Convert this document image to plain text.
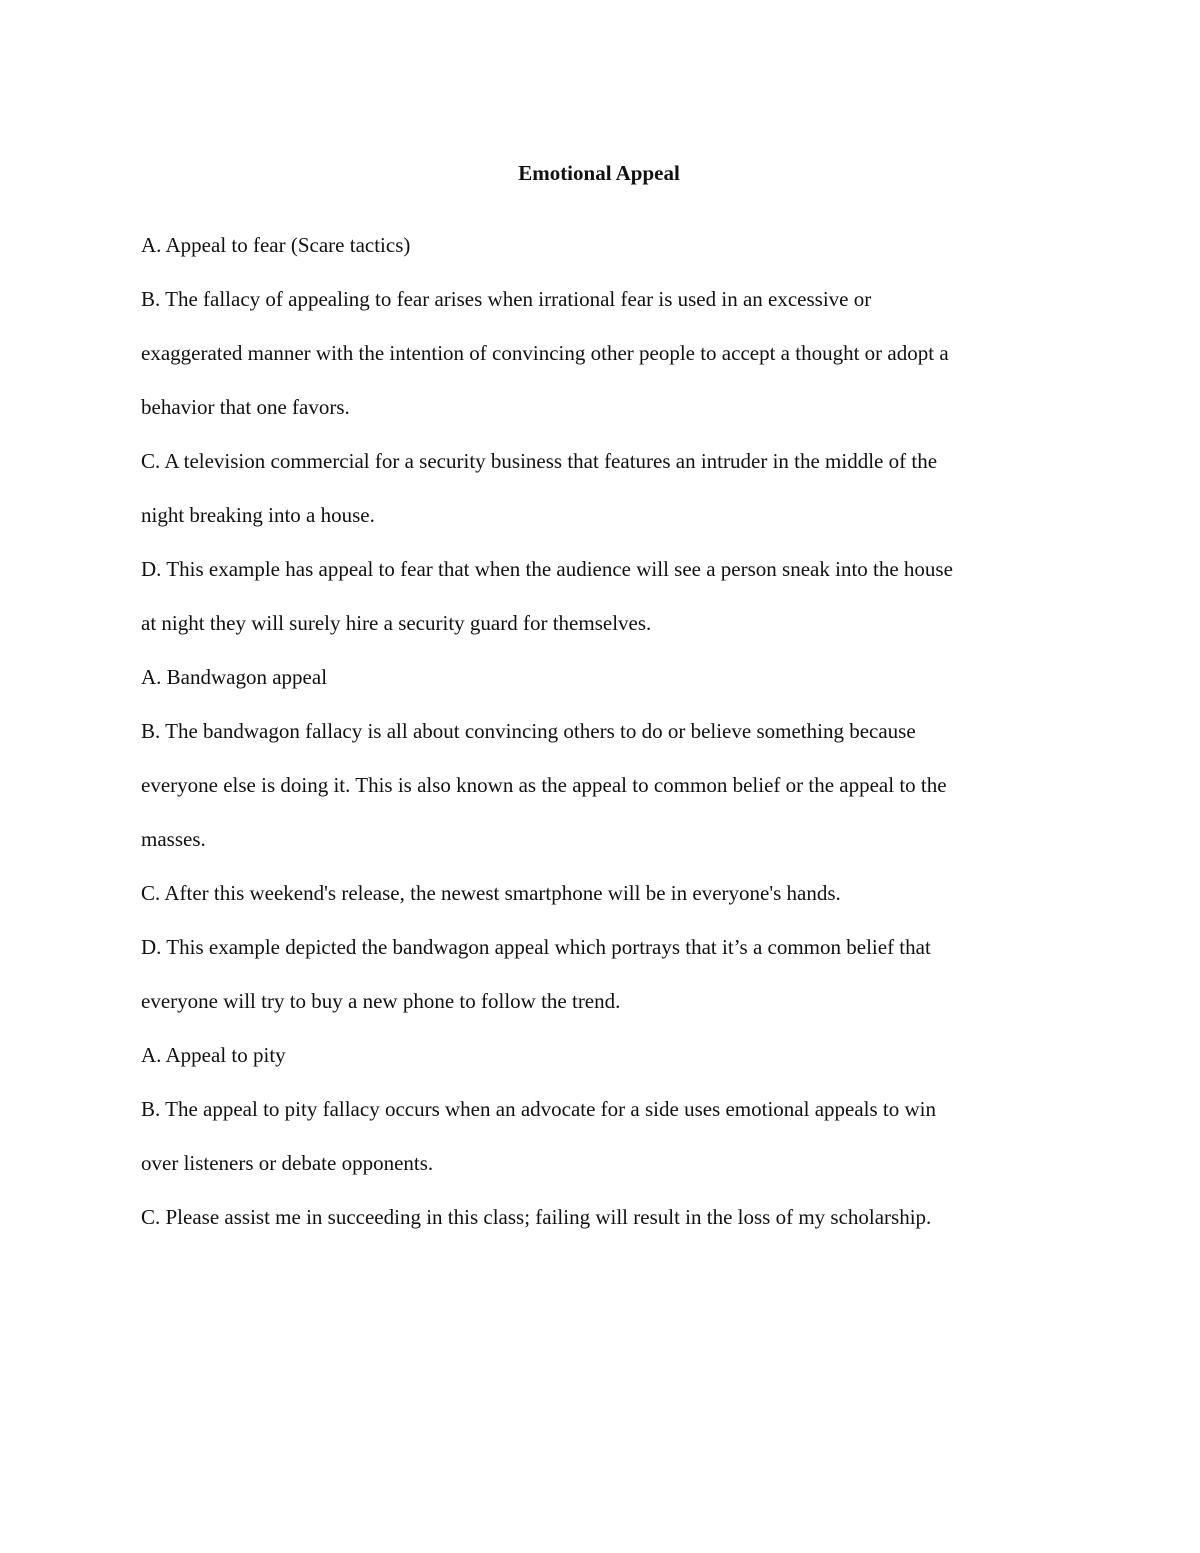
Emotional Appeal
A. Appeal to fear (Scare tactics)
B. The fallacy of appealing to fear arises when irrational fear is used in an excessive or
exaggerated manner with the intention of convincing other people to accept a thought or adopt a
behavior that one favors.
C. A television commercial for a security business that features an intruder in the middle of the
night breaking into a house.
D. This example has appeal to fear that when the audience will see a person sneak into the house
at night they will surely hire a security guard for themselves.
A. Bandwagon appeal
B. The bandwagon fallacy is all about convincing others to do or believe something because
everyone else is doing it. This is also known as the appeal to common belief or the appeal to the
masses.
C. After this weekend's release, the newest smartphone will be in everyone's hands.
D. This example depicted the bandwagon appeal which portrays that it’s a common belief that
everyone will try to buy a new phone to follow the trend.
A. Appeal to pity
B. The appeal to pity fallacy occurs when an advocate for a side uses emotional appeals to win
over listeners or debate opponents.
C. Please assist me in succeeding in this class; failing will result in the loss of my scholarship.
